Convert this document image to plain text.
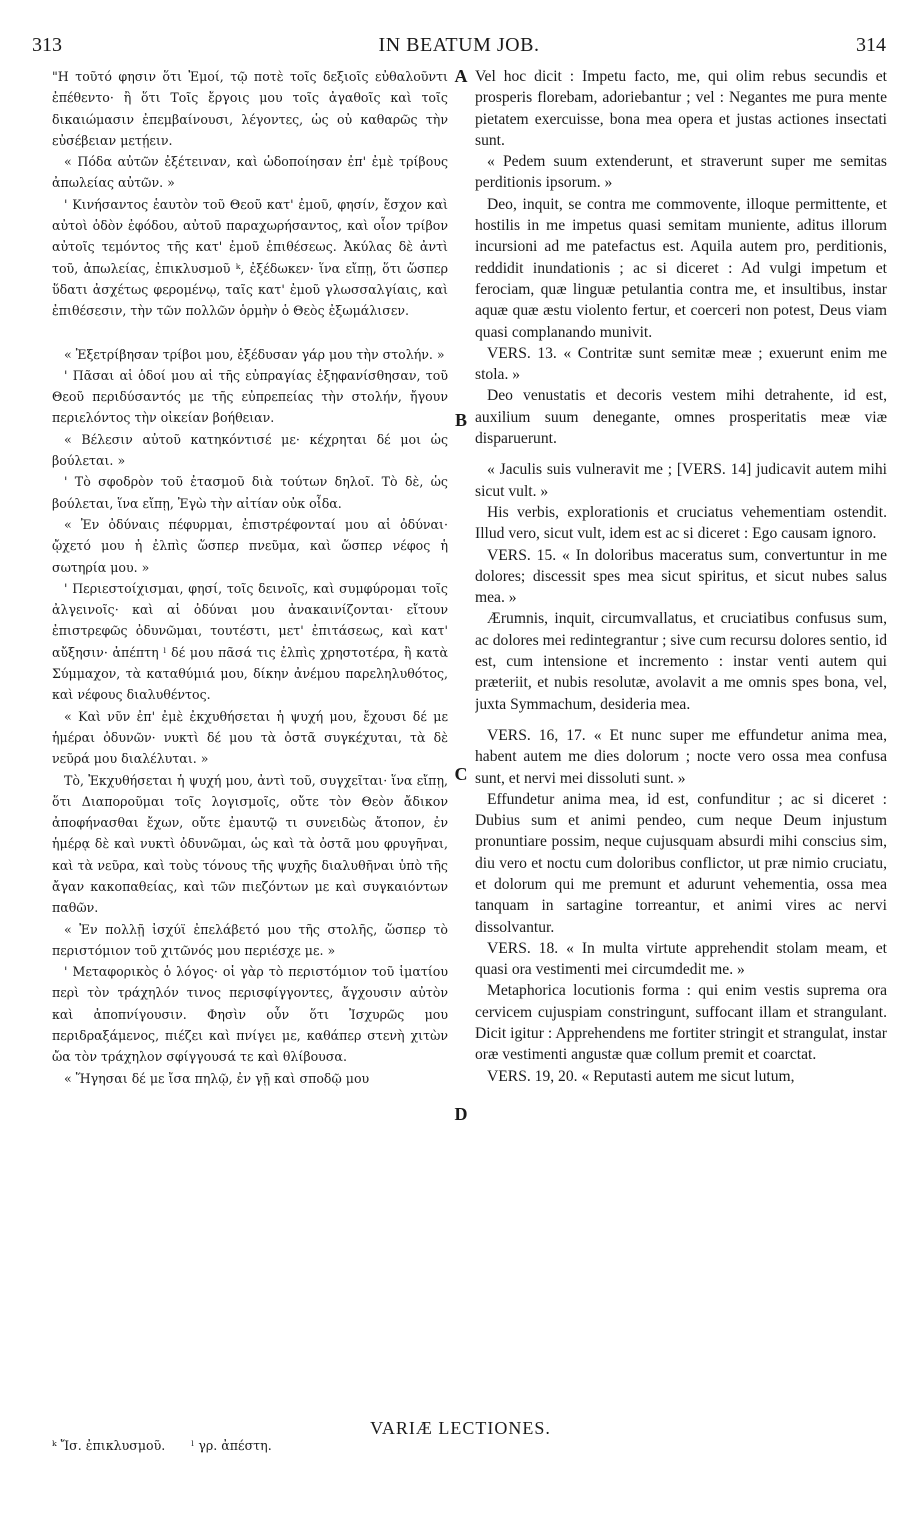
313	IN BEATUM JOB.	314

"Η τοῦτό φησιν ὅτι Ἐμοί, τῷ ποτὲ τοῖς δεξιοῖς εὐθαλοῦντι ἐπέθεντο· ἢ ὅτι Τοῖς ἔργοις μου τοῖς ἀγαθοῖς καὶ τοῖς δικαιώμασιν ἐπεμβαίνουσι, λέγοντες, ὡς οὐ καθαρῶς τὴν εὐσέβειαν μετῄειν.

« Πόδα αὐτῶν ἐξέτειναν, καὶ ὡδοποίησαν ἐπ' ἐμὲ τρίβους ἀπωλείας αὐτῶν. »

' Κινήσαντος ἑαυτὸν τοῦ Θεοῦ κατ' ἐμοῦ, φησίν, ἔσχον καὶ αὐτοὶ ὁδὸν ἐφόδου, αὐτοῦ παραχωρήσαντος, καὶ οἷον τρίβον αὐτοῖς τεμόντος τῆς κατ' ἐμοῦ ἐπιθέσεως. Ἀκύλας δὲ ἀντὶ τοῦ, ἀπωλείας, ἐπικλυσμοῦ ᵏ, ἐξέδωκεν· ἵνα εἴπῃ, ὅτι ὥσπερ ὕδατι ἀσχέτως φερομένῳ, ταῖς κατ' ἐμοῦ γλωσσαλγίαις, καὶ ἐπιθέσεσιν, τὴν τῶν πολλῶν ὁρμὴν ὁ Θεὸς ἐξωμάλισεν.

« Ἐξετρίβησαν τρίβοι μου, ἐξέδυσαν γάρ μου τὴν στολήν. »

' Πᾶσαι αἱ ὁδοί μου αἱ τῆς εὐπραγίας ἐξηφανίσθησαν, τοῦ Θεοῦ περιδύσαντός με τῆς εὐπρεπείας τὴν στολήν, ἤγουν περιελόντος τὴν οἰκείαν βοήθειαν.

« Βέλεσιν αὐτοῦ κατηκόντισέ με· κέχρηται δέ μοι ὡς βούλεται. »

' Τὸ σφοδρὸν τοῦ ἐτασμοῦ διὰ τούτων δηλοῖ. Τὸ δὲ, ὡς βούλεται, ἵνα εἴπῃ, Ἐγὼ τὴν αἰτίαν οὐκ οἶδα.

« Ἐν ὀδύναις πέφυρμαι, ἐπιστρέφονταί μου αἱ ὀδύναι· ᾤχετό μου ἡ ἐλπὶς ὥσπερ πνεῦμα, καὶ ὥσπερ νέφος ἡ σωτηρία μου. »

' Περιεστοίχισμαι, φησί, τοῖς δεινοῖς, καὶ συμφύρομαι τοῖς ἀλγεινοῖς· καὶ αἱ ὀδύναι μου ἀνακαινίζονται· εἴτουν ἐπιστρεφῶς ὀδυνῶμαι, τουτέστι, μετ' ἐπιτάσεως, καὶ κατ' αὔξησιν· ἀπέπτη ˡ δέ μου πᾶσά τις ἐλπὶς χρηστοτέρα, ἢ κατὰ Σύμμαχον, τὰ καταθύμιά μου, δίκην ἀνέμου παρεληλυθότος, καὶ νέφους διαλυθέντος.

« Καὶ νῦν ἐπ' ἐμὲ ἐκχυθήσεται ἡ ψυχή μου, ἔχουσι δέ με ἡμέραι ὀδυνῶν· νυκτὶ δέ μου τὰ ὀστᾶ συγκέχυται, τὰ δὲ νεῦρά μου διαλέλυται. »

Τὸ, Ἐκχυθήσεται ἡ ψυχή μου, ἀντὶ τοῦ, συγχεῖται· ἵνα εἴπῃ, ὅτι Διαποροῦμαι τοῖς λογισμοῖς, οὔτε τὸν Θεὸν ἄδικον ἀποφήνασθαι ἔχων, οὔτε ἐμαυτῷ τι συνειδὼς ἄτοπον, ἐν ἡμέρᾳ δὲ καὶ νυκτὶ ὀδυνῶμαι, ὡς καὶ τὰ ὀστᾶ μου φρυγῆναι, καὶ τὰ νεῦρα, καὶ τοὺς τόνους τῆς ψυχῆς διαλυθῆναι ὑπὸ τῆς ἄγαν κακοπαθείας, καὶ τῶν πιεζόντων με καὶ συγκαιόντων παθῶν.

« Ἐν πολλῇ ἰσχύϊ ἐπελάβετό μου τῆς στολῆς, ὥσπερ τὸ περιστόμιον τοῦ χιτῶνός μου περιέσχε με. »

' Μεταφορικὸς ὁ λόγος· οἱ γὰρ τὸ περιστόμιον τοῦ ἱματίου περὶ τὸν τράχηλόν τινος περισφίγγοντες, ἄγχουσιν αὐτὸν καὶ ἀποπνίγουσιν. Φησὶν οὖν ὅτι Ἰσχυρῶς μου περιδραξάμενος, πιέζει καὶ πνίγει με, καθάπερ στενὴ χιτὼν ὤα τὸν τράχηλον σφίγγουσά τε καὶ θλίβουσα.

« Ἥγησαι δέ με ἴσα πηλῷ, ἐν γῇ καὶ σποδῷ μου

A
B
C
D

Vel hoc dicit : Impetu facto, me, qui olim rebus secundis et prosperis florebam, adoriebantur ; vel : Negantes me pura mente pietatem exercuisse, bona mea opera et justas actiones insectati sunt.

« Pedem suum extenderunt, et straverunt super me semitas perditionis ipsorum. »

Deo, inquit, se contra me commovente, illoque permittente, et hostilis in me impetus quasi semitam muniente, aditus illorum incursioni ad me patefactus est. Aquila autem pro, perditionis, reddidit inundationis ; ac si diceret : Ad vulgi impetum et ferociam, quæ linguæ petulantia contra me, et insultibus, instar aquæ quæ æstu violento fertur, et coerceri non potest, Deus viam quasi complanando munivit.

VERS. 13. « Contritæ sunt semitæ meæ ; exuerunt enim me stola. »

Deo venustatis et decoris vestem mihi detrahente, id est, auxilium suum denegante, omnes prosperitatis meæ viæ disparuerunt.

« Jaculis suis vulneravit me ; [VERS. 14] judicavit autem mihi sicut vult. »

His verbis, explorationis et cruciatus vehementiam ostendit. Illud vero, sicut vult, idem est ac si diceret : Ego causam ignoro.

VERS. 15. « In doloribus maceratus sum, convertuntur in me dolores; discessit spes mea sicut spiritus, et sicut nubes salus mea. »

Ærumnis, inquit, circumvallatus, et cruciatibus confusus sum, ac dolores mei redintegrantur ; sive cum recursu dolores sentio, id est, cum intensione et incremento : instar venti autem qui præteriit, et nubis resolutæ, avolavit a me omnis spes bona, vel, juxta Symmachum, desideria mea.

VERS. 16, 17. « Et nunc super me effundetur anima mea, habent autem me dies dolorum ; nocte vero ossa mea confusa sunt, et nervi mei dissoluti sunt. »

Effundetur anima mea, id est, confunditur ; ac si diceret : Dubius sum et animi pendeo, cum neque Deum injustum pronuntiare possim, neque cujusquam absurdi mihi conscius sim, diu vero et noctu cum doloribus conflictor, ut præ nimio cruciatu, et dolorum qui me premunt et adurunt vehementia, ossa mea tanquam in sartagine torreantur, et animi vires ac nervi dissolvantur.

VERS. 18. « In multa virtute apprehendit stolam meam, et quasi ora vestimenti mei circumdedit me. »

Metaphorica locutionis forma : qui enim vestis suprema ora cervicem cujuspiam constringunt, suffocant illam et strangulant. Dicit igitur : Apprehendens me fortiter stringit et strangulat, instar oræ vestimenti angustæ quæ collum premit et coarctat.

VERS. 19, 20. « Reputasti autem me sicut lutum,

VARIÆ LECTIONES.
ᵏ Ἴσ. ἐπικλυσμοῦ. ˡ γρ. ἀπέστη.
